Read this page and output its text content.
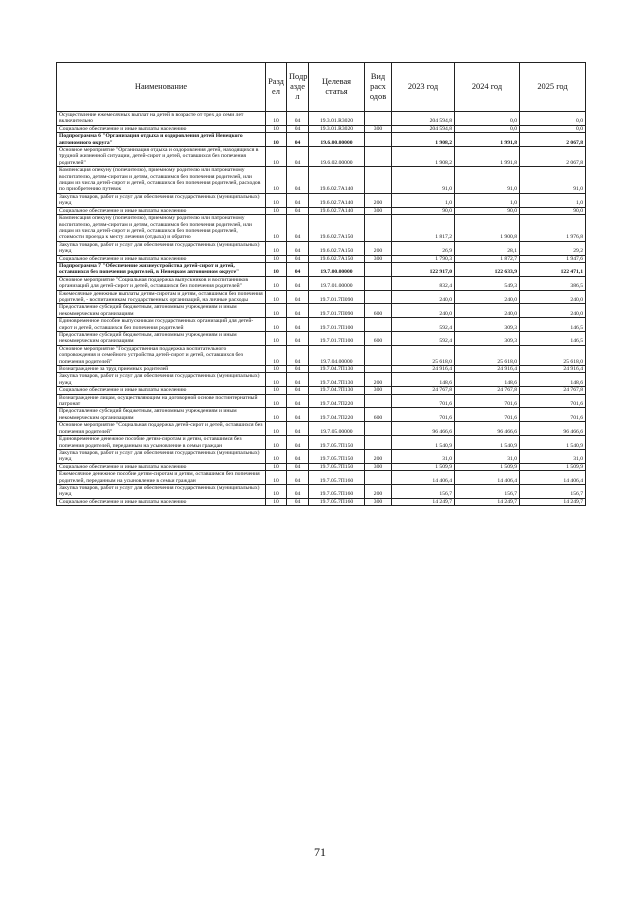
Наименование	Разд ел	Подр азде л	Целевая статья	Вид расх одов	2023 год	2024 год	2025 год
Осуществление ежемесячных выплат на детей в возрасте от трех до семи лет включительно	10	04	19.3.01.R3020		204 594,8	0,0	0,0
Социальное обеспечение и иные выплаты населению	10	04	19.3.01.R3020	300	204 594,8	0,0	0,0
Подпрограмма 6 "Организация отдыха и оздоровления детей Ненецкого автономного округа"	10	04	19.6.00.00000		1 908,2	1 991,8	2 067,8
Основное мероприятие "Организация отдыха и оздоровления детей, находящихся в трудной жизненной ситуации, детей-сирот и детей, оставшихся без попечения родителей"	10	04	19.6.02.00000		1 908,2	1 991,8	2 067,8
Компенсация опекуну (попечителю), приемному родителю или патронатному воспитателю, детям-сиротам и детям, оставшимся без попечения родителей, или лицам из числа детей-сирот и детей, оставшихся без попечения родителей, расходов по приобретению путевок	10	04	19.6.02.7А140		91,0	91,0	91,0
Закупка товаров, работ и услуг для обеспечения государственных (муниципальных) нужд	10	04	19.6.02.7А140	200	1,0	1,0	1,0
Социальное обеспечение и иные выплаты населению	10	04	19.6.02.7А140	300	90,0	90,0	90,0
Компенсация опекуну (попечителю), приемному родителю или патронатному воспитателю, детям-сиротам и детям, оставшимся без попечения родителей, или лицам из числа детей-сирот и детей, оставшихся без попечения родителей, стоимости проезда к месту лечения (отдыха) и обратно	10	04	19.6.02.7А150		1 817,2	1 900,8	1 976,8
Закупка товаров, работ и услуг для обеспечения государственных (муниципальных) нужд	10	04	19.6.02.7А150	200	26,9	28,1	29,2
Социальное обеспечение и иные выплаты населению	10	04	19.6.02.7А150	300	1 790,3	1 872,7	1 947,6
Подпрограмма 7 "Обеспечение жизнеустройства детей-сирот и детей, оставшихся без попечения родителей, в Ненецком автономном округе"	10	04	19.7.00.00000		122 917,0	122 633,9	122 471,1
Основное мероприятие "Социальная поддержка выпускников и воспитанников организаций для детей-сирот и детей, оставшихся без попечения родителей"	10	04	19.7.01.00000		832,4	549,3	386,5
Ежемесячные денежные выплаты детям-сиротам и детям, оставшимся без попечения родителей, - воспитанникам государственных организаций, на личные расходы	10	04	19.7.01.7П090		240,0	240,0	240,0
Предоставление субсидий бюджетным, автономным учреждениям и иным некоммерческим организациям	10	04	19.7.01.7П090	600	240,0	240,0	240,0
Единовременное пособие выпускникам государственных организаций для детей-сирот и детей, оставшихся без попечения родителей	10	04	19.7.01.7П100		592,4	309,3	146,5
Предоставление субсидий бюджетным, автономным учреждениям и иным некоммерческим организациям	10	04	19.7.01.7П100	600	592,4	309,3	146,5
Основное мероприятие "Государственная поддержка воспитательного сопровождения и семейного устройства детей-сирот и детей, оставшихся без попечения родителей"	10	04	19.7.04.00000		25 618,0	25 618,0	25 618,0
Вознаграждение за труд приемных родителей	10	04	19.7.04.7П130		24 916,4	24 916,4	24 916,4
Закупка товаров, работ и услуг для обеспечения государственных (муниципальных) нужд	10	04	19.7.04.7П130	200	148,6	148,6	148,6
Социальное обеспечение и иные выплаты населению	10	04	19.7.04.7П130	300	24 767,8	24 767,8	24 767,8
Вознаграждение лицам, осуществляющим на договорной основе постинтернатный патронат	10	04	19.7.04.7П220		701,6	701,6	701,6
Предоставление субсидий бюджетным, автономным учреждениям и иным некоммерческим организациям	10	04	19.7.04.7П220	600	701,6	701,6	701,6
Основное мероприятие "Социальная поддержка детей-сирот и детей, оставшихся без попечения родителей"	10	04	19.7.05.00000		96 466,6	96 466,6	96 466,6
Единовременное денежное пособие детям-сиротам и детям, оставшимся без попечения родителей, переданным на усыновление в семьи граждан	10	04	19.7.05.7П150		1 540,9	1 540,9	1 540,9
Закупка товаров, работ и услуг для обеспечения государственных (муниципальных) нужд	10	04	19.7.05.7П150	200	31,0	31,0	31,0
Социальное обеспечение и иные выплаты населению	10	04	19.7.05.7П150	300	1 509,9	1 509,9	1 509,9
Ежемесячное денежное пособие детям-сиротам и детям, оставшимся без попечения родителей, переданным на усыновление в семьи граждан	10	04	19.7.05.7П160		14 406,4	14 406,4	14 406,4
Закупка товаров, работ и услуг для обеспечения государственных (муниципальных) нужд	10	04	19.7.05.7П160	200	156,7	156,7	156,7
Социальное обеспечение и иные выплаты населению	10	04	19.7.05.7П160	300	14 249,7	14 249,7	14 249,7
71
